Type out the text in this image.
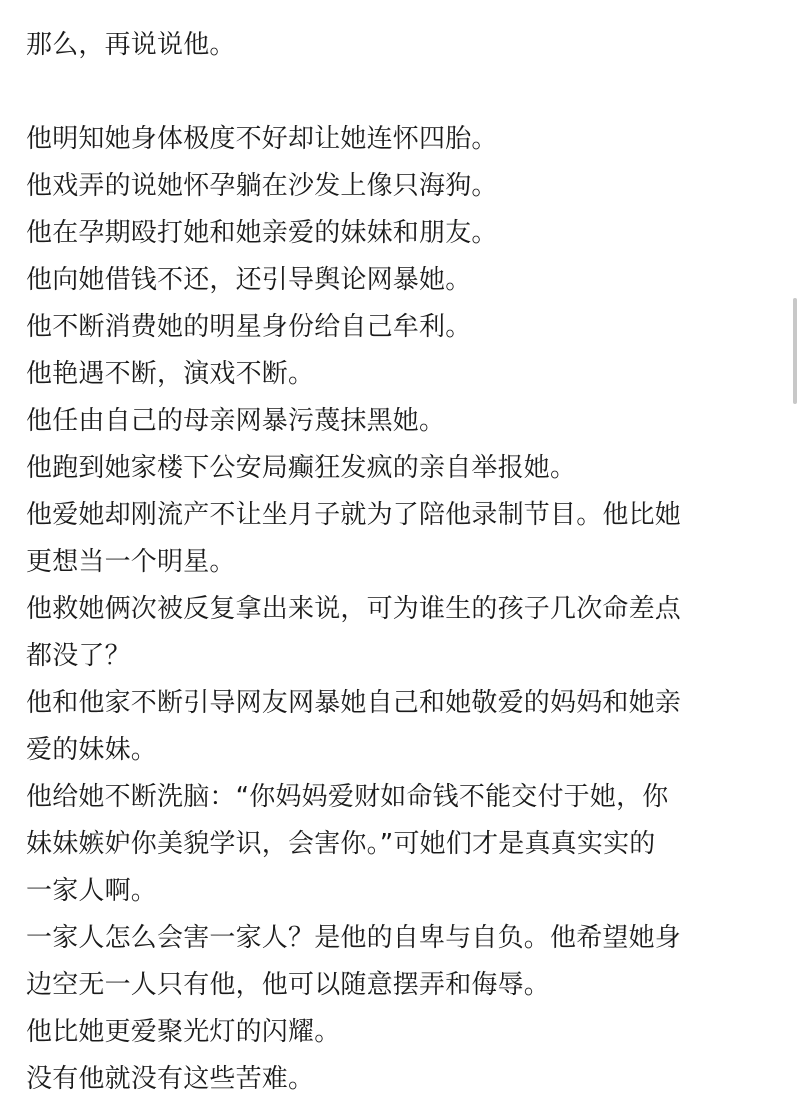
那么，再说说他。
他明知她身体极度不好却让她连怀四胎。
他戏弄的说她怀孕躺在沙发上像只海狗。
他在孕期殴打她和她亲爱的妹妹和朋友。
他向她借钱不还，还引导舆论网暴她。
他不断消费她的明星身份给自己牟利。
他艳遇不断，演戏不断。
他任由自己的母亲网暴污蔑抹黑她。
他跑到她家楼下公安局癫狂发疯的亲自举报她。
他爱她却刚流产不让坐月子就为了陪他录制节目。他比她
更想当一个明星。
他救她俩次被反复拿出来说，可为谁生的孩子几次命差点
都没了？
他和他家不断引导网友网暴她自己和她敬爱的妈妈和她亲
爱的妹妹。
他给她不断洗脑：“你妈妈爱财如命钱不能交付于她，你
妹妹嫉妒你美貌学识，会害你。”可她们才是真真实实的
一家人啊。
一家人怎么会害一家人？是他的自卑与自负。他希望她身
边空无一人只有他，他可以随意摆弄和侮辱。
他比她更爱聚光灯的闪耀。
没有他就没有这些苦难。
